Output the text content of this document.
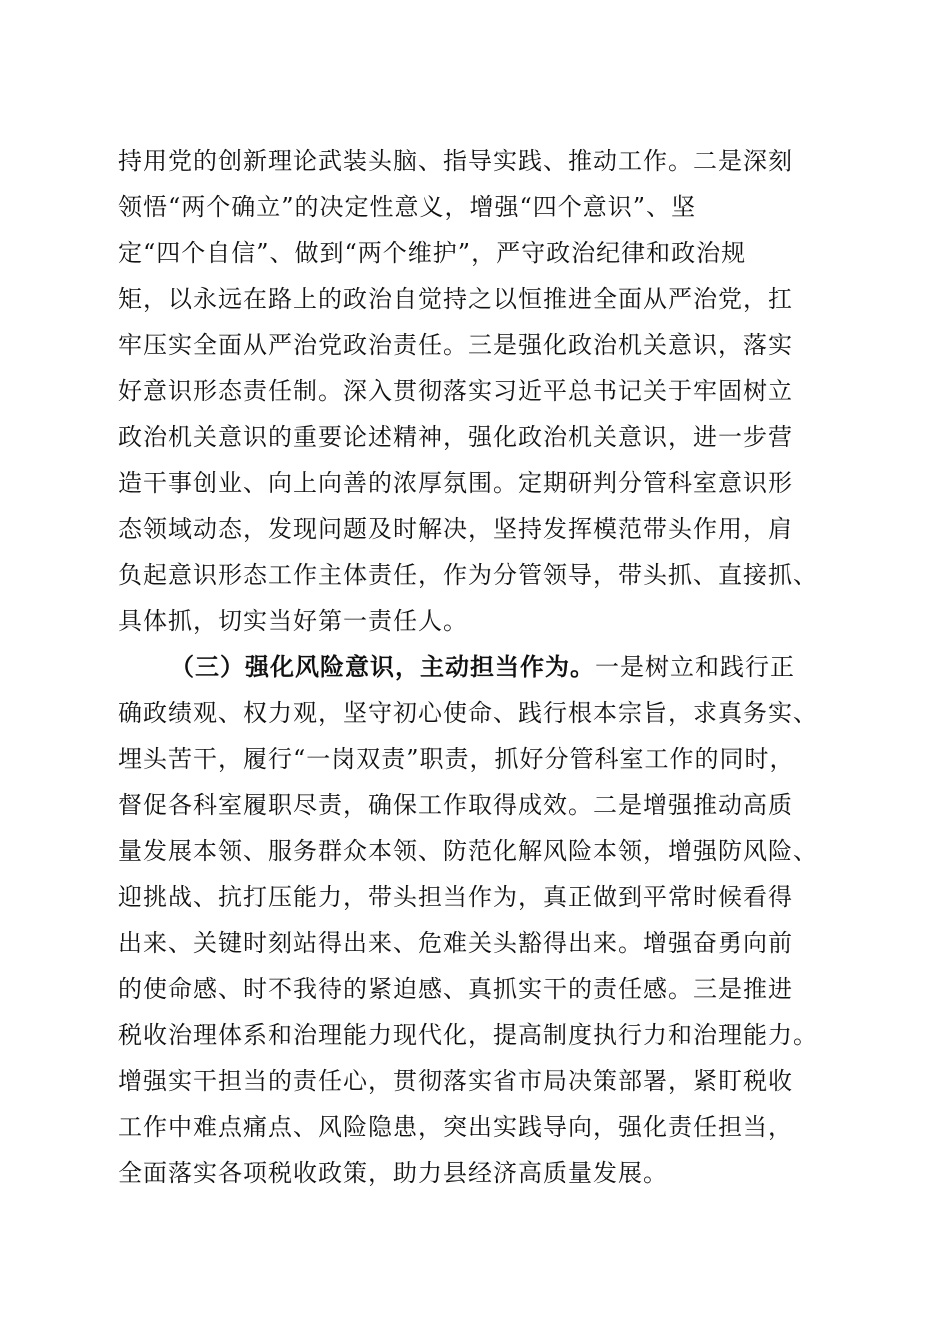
持用党的创新理论武装头脑、指导实践、推动工作。二是深刻
领悟“两个确立”的决定性意义，增强“四个意识”、坚
定“四个自信”、做到“两个维护”，严守政治纪律和政治规
矩，以永远在路上的政治自觉持之以恒推进全面从严治党，扛
牢压实全面从严治党政治责任。三是强化政治机关意识，落实
好意识形态责任制。深入贯彻落实习近平总书记关于牢固树立
政治机关意识的重要论述精神，强化政治机关意识，进一步营
造干事创业、向上向善的浓厚氛围。定期研判分管科室意识形
态领域动态，发现问题及时解决，坚持发挥模范带头作用，肩
负起意识形态工作主体责任，作为分管领导，带头抓、直接抓、
具体抓，切实当好第一责任人。
（三）强化风险意识，主动担当作为。一是树立和践行正
确政绩观、权力观，坚守初心使命、践行根本宗旨，求真务实、
埋头苦干，履行“一岗双责”职责，抓好分管科室工作的同时，
督促各科室履职尽责，确保工作取得成效。二是增强推动高质
量发展本领、服务群众本领、防范化解风险本领，增强防风险、
迎挑战、抗打压能力，带头担当作为，真正做到平常时候看得
出来、关键时刻站得出来、危难关头豁得出来。增强奋勇向前
的使命感、时不我待的紧迫感、真抓实干的责任感。三是推进
税收治理体系和治理能力现代化，提高制度执行力和治理能力。
增强实干担当的责任心，贯彻落实省市局决策部署，紧盯税收
工作中难点痛点、风险隐患，突出实践导向，强化责任担当，
全面落实各项税收政策，助力县经济高质量发展。
